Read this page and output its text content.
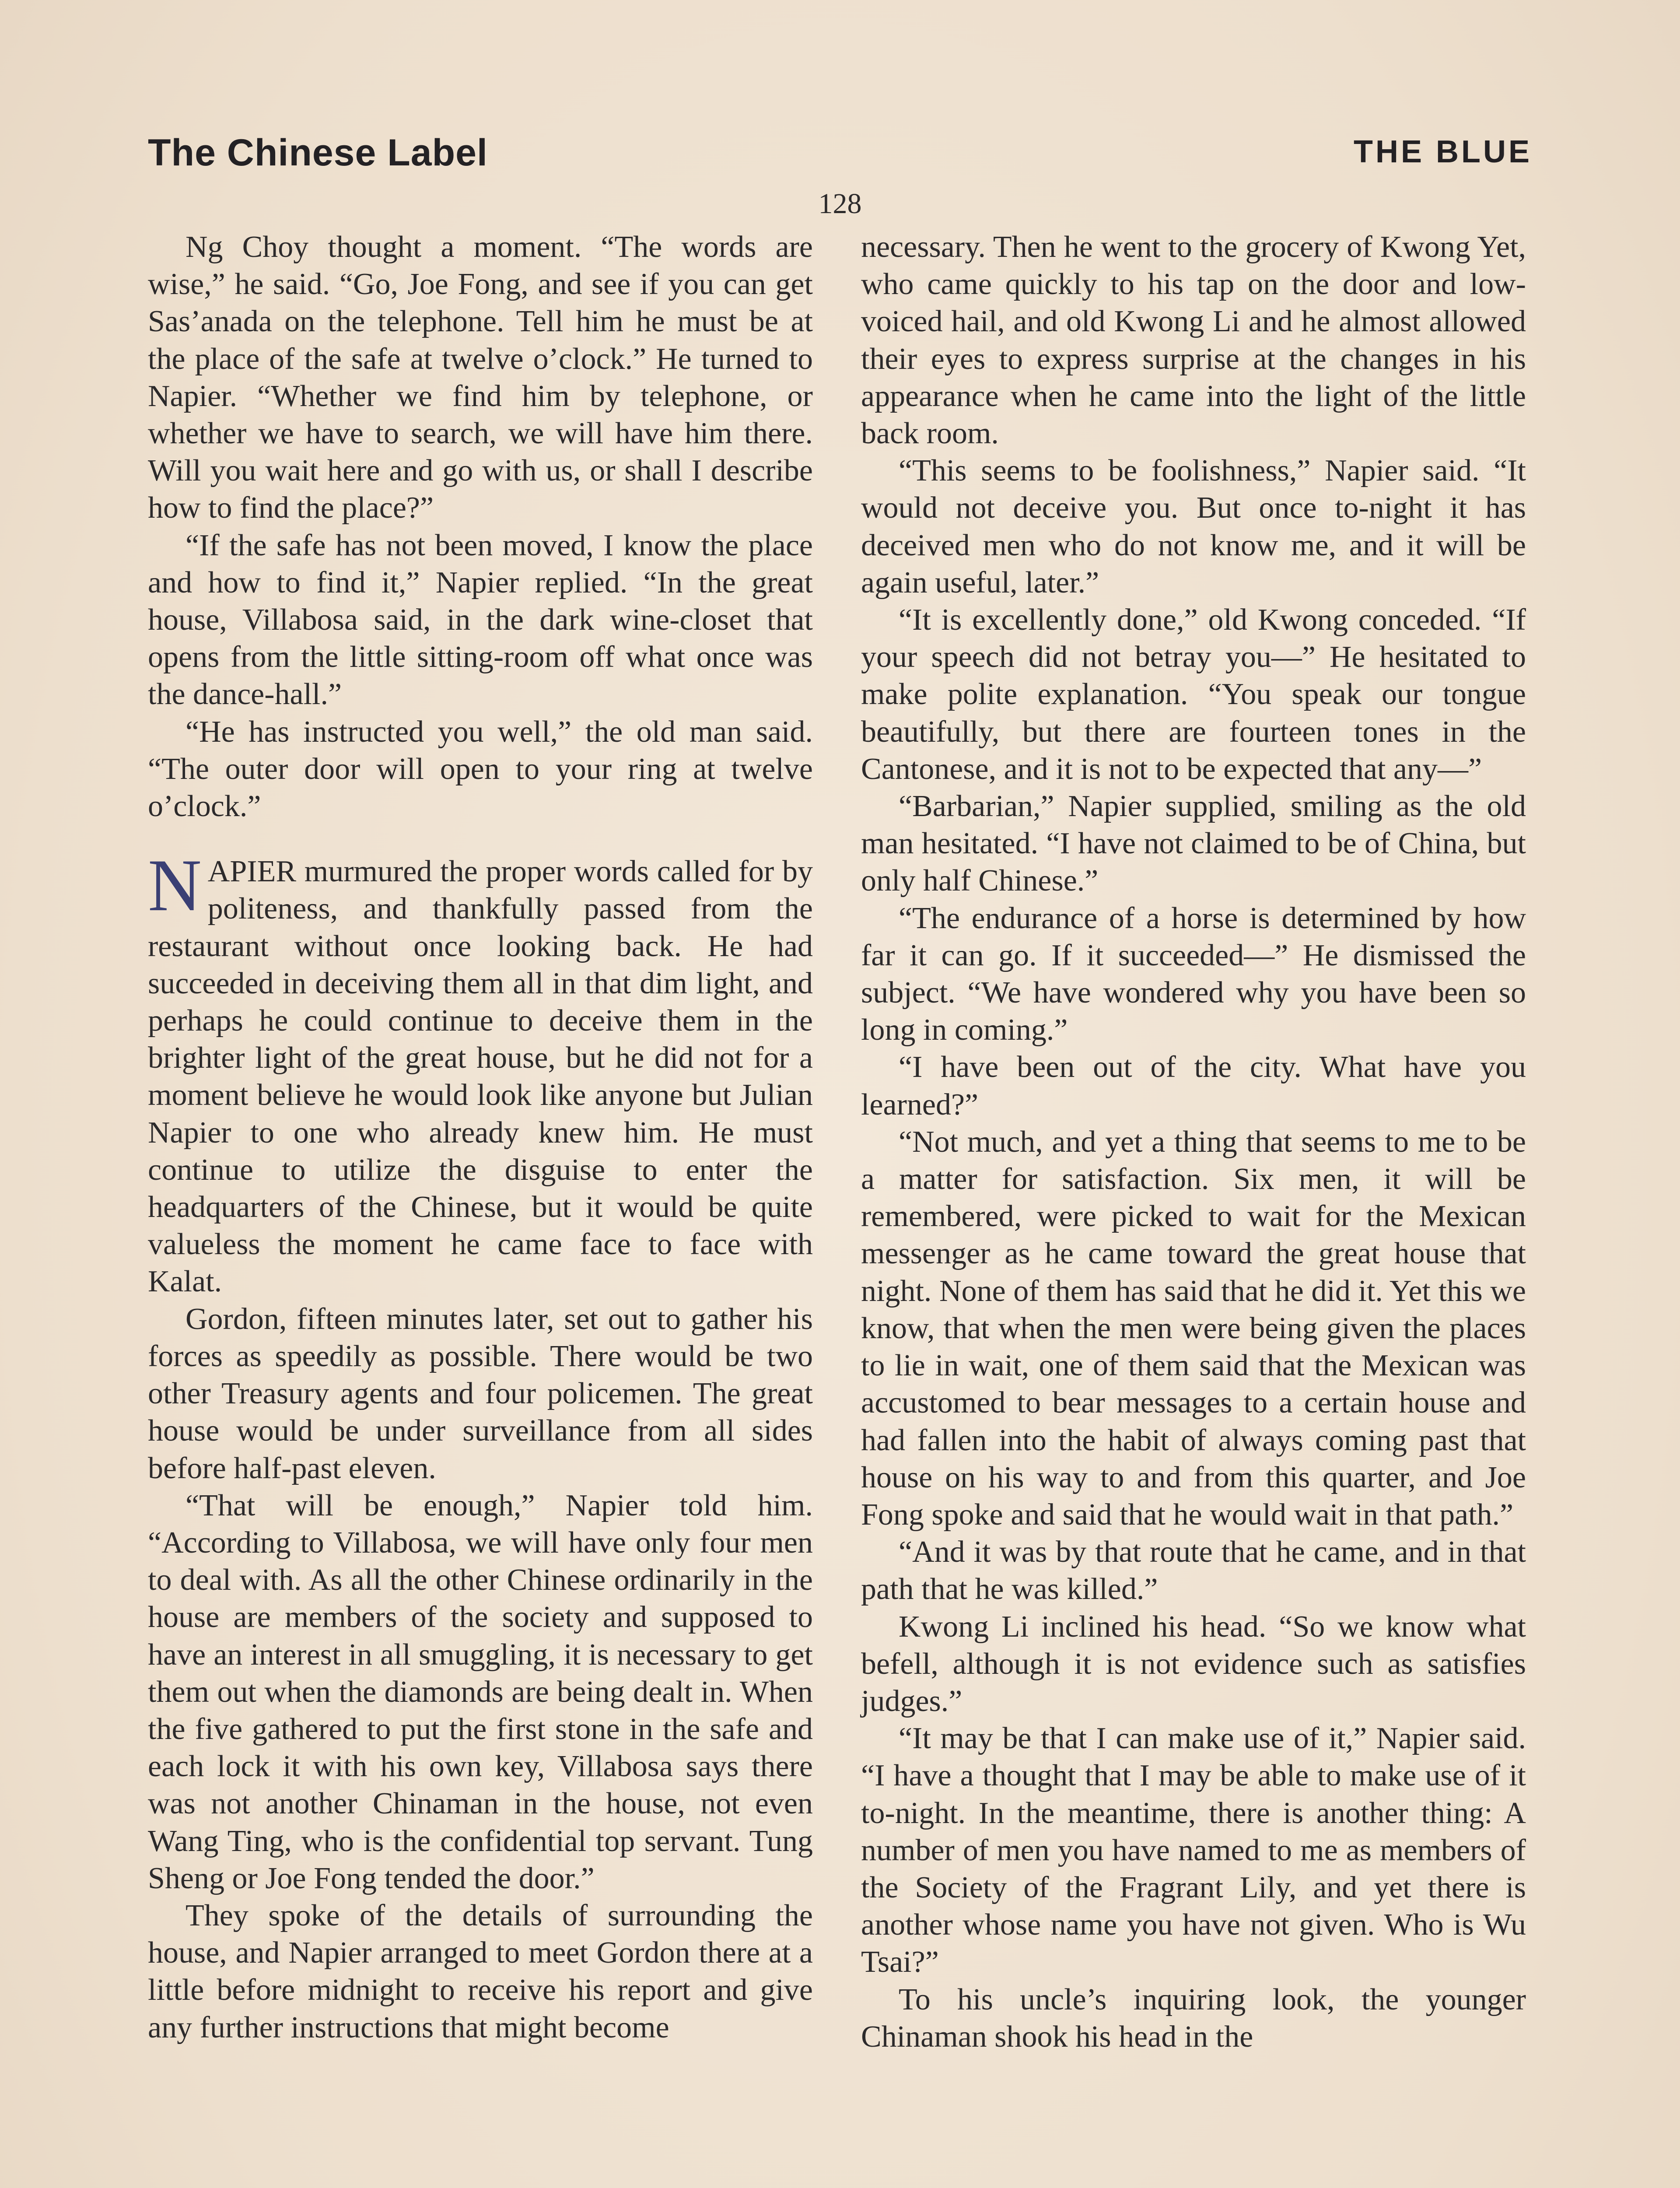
The Chinese Label	THE BLUE
128

Ng Choy thought a moment. “The words are wise,” he said. “Go, Joe Fong, and see if you can get Sas’anada on the telephone. Tell him he must be at the place of the safe at twelve o’clock.” He turned to Napier. “Whether we find him by telephone, or whether we have to search, we will have him there. Will you wait here and go with us, or shall I describe how to find the place?”

“If the safe has not been moved, I know the place and how to find it,” Napier replied. “In the great house, Villabosa said, in the dark wine-closet that opens from the little sitting-room off what once was the dance-hall.”

“He has instructed you well,” the old man said. “The outer door will open to your ring at twelve o’clock.”

NAPIER murmured the proper words called for by politeness, and thankfully passed from the restaurant without once looking back. He had succeeded in deceiving them all in that dim light, and perhaps he could continue to deceive them in the brighter light of the great house, but he did not for a moment believe he would look like anyone but Julian Napier to one who already knew him. He must continue to utilize the disguise to enter the headquarters of the Chinese, but it would be quite valueless the moment he came face to face with Kalat.

Gordon, fifteen minutes later, set out to gather his forces as speedily as possible. There would be two other Treasury agents and four policemen. The great house would be under surveillance from all sides before half-past eleven.

“That will be enough,” Napier told him. “According to Villabosa, we will have only four men to deal with. As all the other Chinese ordinarily in the house are members of the society and supposed to have an interest in all smuggling, it is necessary to get them out when the diamonds are being dealt in. When the five gathered to put the first stone in the safe and each lock it with his own key, Villabosa says there was not another Chinaman in the house, not even Wang Ting, who is the confidential top servant. Tung Sheng or Joe Fong tended the door.”

They spoke of the details of surrounding the house, and Napier arranged to meet Gordon there at a little before midnight to receive his report and give any further instructions that might become

necessary. Then he went to the grocery of Kwong Yet, who came quickly to his tap on the door and low-voiced hail, and old Kwong Li and he almost allowed their eyes to express surprise at the changes in his appearance when he came into the light of the little back room.

“This seems to be foolishness,” Napier said. “It would not deceive you. But once to-night it has deceived men who do not know me, and it will be again useful, later.”

“It is excellently done,” old Kwong conceded. “If your speech did not betray you—” He hesitated to make polite explanation. “You speak our tongue beautifully, but there are fourteen tones in the Cantonese, and it is not to be expected that any—”

“Barbarian,” Napier supplied, smiling as the old man hesitated. “I have not claimed to be of China, but only half Chinese.”

“The endurance of a horse is determined by how far it can go. If it succeeded—” He dismissed the subject. “We have wondered why you have been so long in coming.”

“I have been out of the city. What have you learned?”

“Not much, and yet a thing that seems to me to be a matter for satisfaction. Six men, it will be remembered, were picked to wait for the Mexican messenger as he came toward the great house that night. None of them has said that he did it. Yet this we know, that when the men were being given the places to lie in wait, one of them said that the Mexican was accustomed to bear messages to a certain house and had fallen into the habit of always coming past that house on his way to and from this quarter, and Joe Fong spoke and said that he would wait in that path.”

“And it was by that route that he came, and in that path that he was killed.”

Kwong Li inclined his head. “So we know what befell, although it is not evidence such as satisfies judges.”

“It may be that I can make use of it,” Napier said. “I have a thought that I may be able to make use of it to-night. In the meantime, there is another thing: A number of men you have named to me as members of the Society of the Fragrant Lily, and yet there is another whose name you have not given. Who is Wu Tsai?”

To his uncle’s inquiring look, the younger Chinaman shook his head in the
